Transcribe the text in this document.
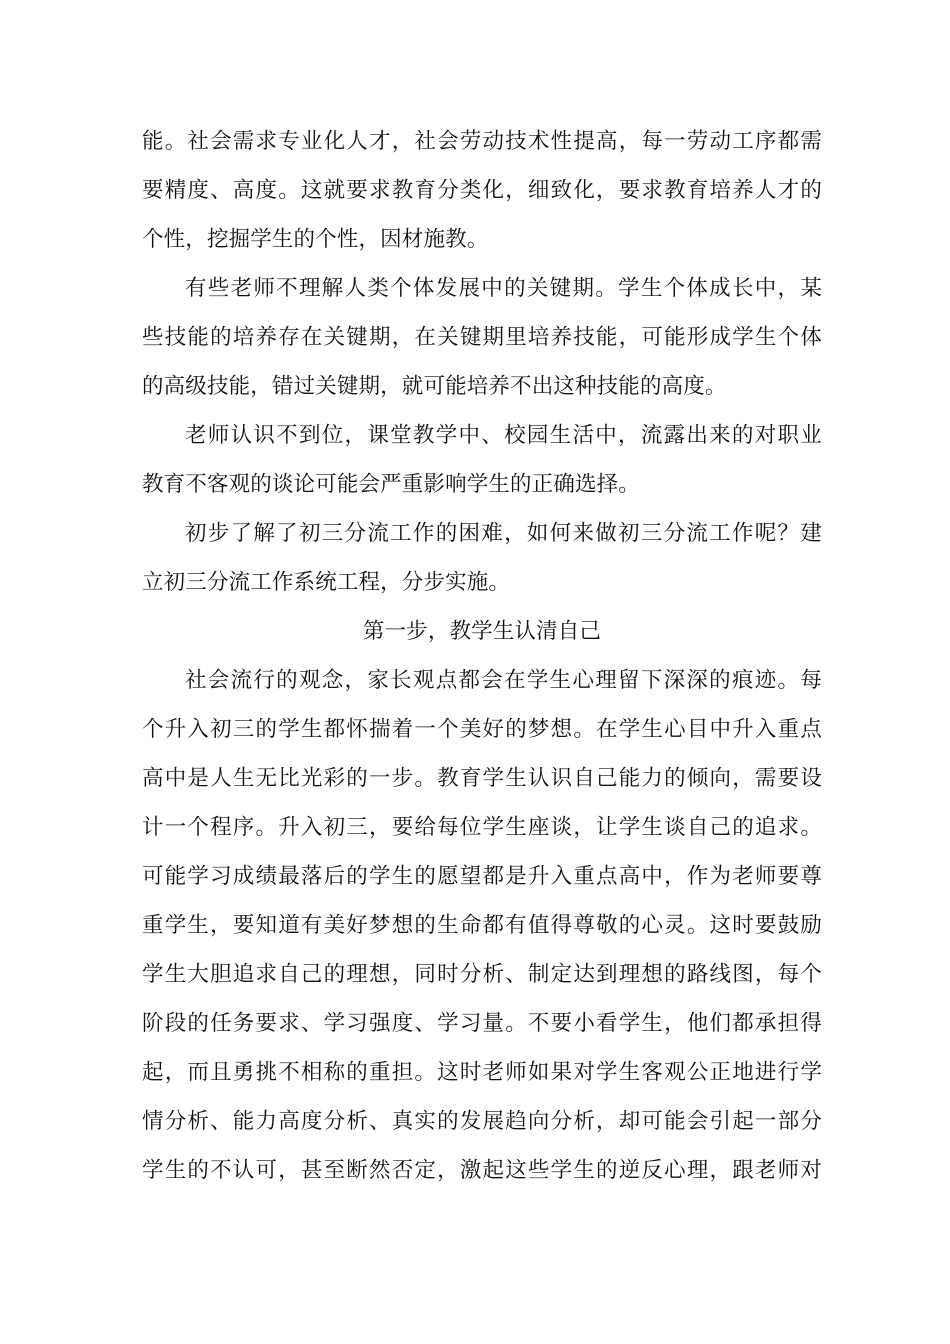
能。社会需求专业化人才，社会劳动技术性提高，每一劳动工序都需
要精度、高度。这就要求教育分类化，细致化，要求教育培养人才的
个性，挖掘学生的个性，因材施教。
有些老师不理解人类个体发展中的关键期。学生个体成长中，某
些技能的培养存在关键期，在关键期里培养技能，可能形成学生个体
的高级技能，错过关键期，就可能培养不出这种技能的高度。
老师认识不到位，课堂教学中、校园生活中，流露出来的对职业
教育不客观的谈论可能会严重影响学生的正确选择。
初步了解了初三分流工作的困难，如何来做初三分流工作呢？建
立初三分流工作系统工程，分步实施。
第一步，教学生认清自己
社会流行的观念，家长观点都会在学生心理留下深深的痕迹。每
个升入初三的学生都怀揣着一个美好的梦想。在学生心目中升入重点
高中是人生无比光彩的一步。教育学生认识自己能力的倾向，需要设
计一个程序。升入初三，要给每位学生座谈，让学生谈自己的追求。
可能学习成绩最落后的学生的愿望都是升入重点高中，作为老师要尊
重学生，要知道有美好梦想的生命都有值得尊敬的心灵。这时要鼓励
学生大胆追求自己的理想，同时分析、制定达到理想的路线图，每个
阶段的任务要求、学习强度、学习量。不要小看学生，他们都承担得
起，而且勇挑不相称的重担。这时老师如果对学生客观公正地进行学
情分析、能力高度分析、真实的发展趋向分析，却可能会引起一部分
学生的不认可，甚至断然否定，激起这些学生的逆反心理，跟老师对
